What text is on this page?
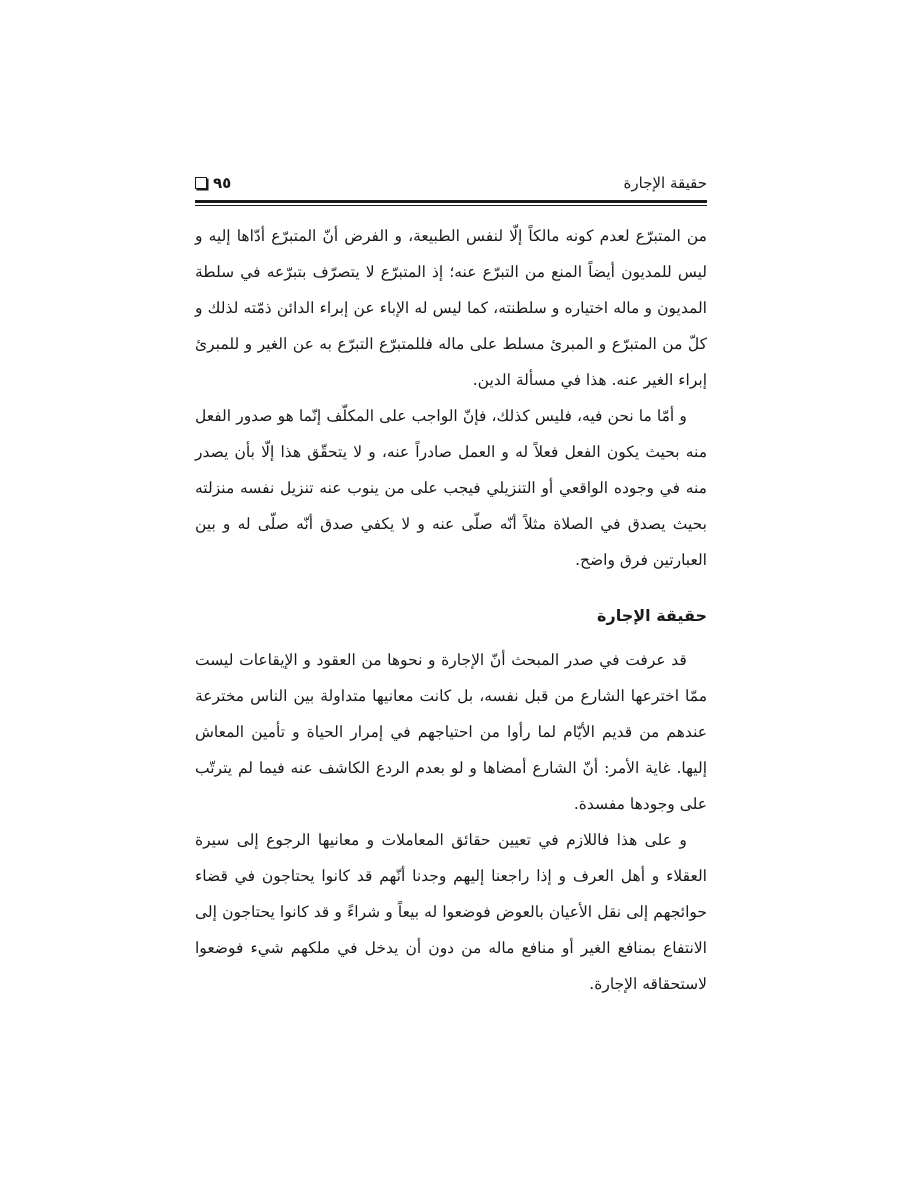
حقيقة الإجارة
٩٥

من المتبرّع لعدم كونه مالكاً إلّا لنفس الطبيعة، و الفرض أنّ المتبرّع أدّاها إليه و ليس للمديون أيضاً المنع من التبرّع عنه؛ إذ المتبرّع لا يتصرّف بتبرّعه في سلطة المديون و ماله اختياره و سلطنته، كما ليس له الإباء عن إبراء الدائن ذمّته لذلك و كلّ من المتبرّع و المبرئ مسلط على ماله فللمتبرّع التبرّع به عن الغير و للمبرئ إبراء الغير عنه. هذا في مسألة الدين.

و أمّا ما نحن فيه، فليس كذلك، فإنّ الواجب على المكلّف إنّما هو صدور الفعل منه بحيث يكون الفعل فعلاً له و العمل صادراً عنه، و لا يتحقّق هذا إلّا بأن يصدر منه في وجوده الواقعي أو التنزيلي فيجب على من ينوب عنه تنزيل نفسه منزلته بحيث يصدق في الصلاة مثلاً أنّه صلّى عنه و لا يكفي صدق أنّه صلّى له و بين العبارتين فرق واضح.

حقيقة الإجارة

قد عرفت في صدر المبحث أنّ الإجارة و نحوها من العقود و الإيقاعات ليست ممّا اخترعها الشارع من قبل نفسه، بل كانت معانيها متداولة بين الناس مخترعة عندهم من قديم الأيّام لما رأوا من احتياجهم في إمرار الحياة و تأمين المعاش إليها. غاية الأمر: أنّ الشارع أمضاها و لو بعدم الردع الكاشف عنه فيما لم يترتّب على وجودها مفسدة.

و على هذا فاللازم في تعيين حقائق المعاملات و معانيها الرجوع إلى سيرة العقلاء و أهل العرف و إذا راجعنا إليهم وجدنا أنّهم قد كانوا يحتاجون في قضاء حوائجهم إلى نقل الأعيان بالعوض فوضعوا له بيعاً و شراءً و قد كانوا يحتاجون إلى الانتفاع بمنافع الغير أو منافع ماله من دون أن يدخل في ملكهم شيء فوضعوا لاستحقاقه الإجارة.
